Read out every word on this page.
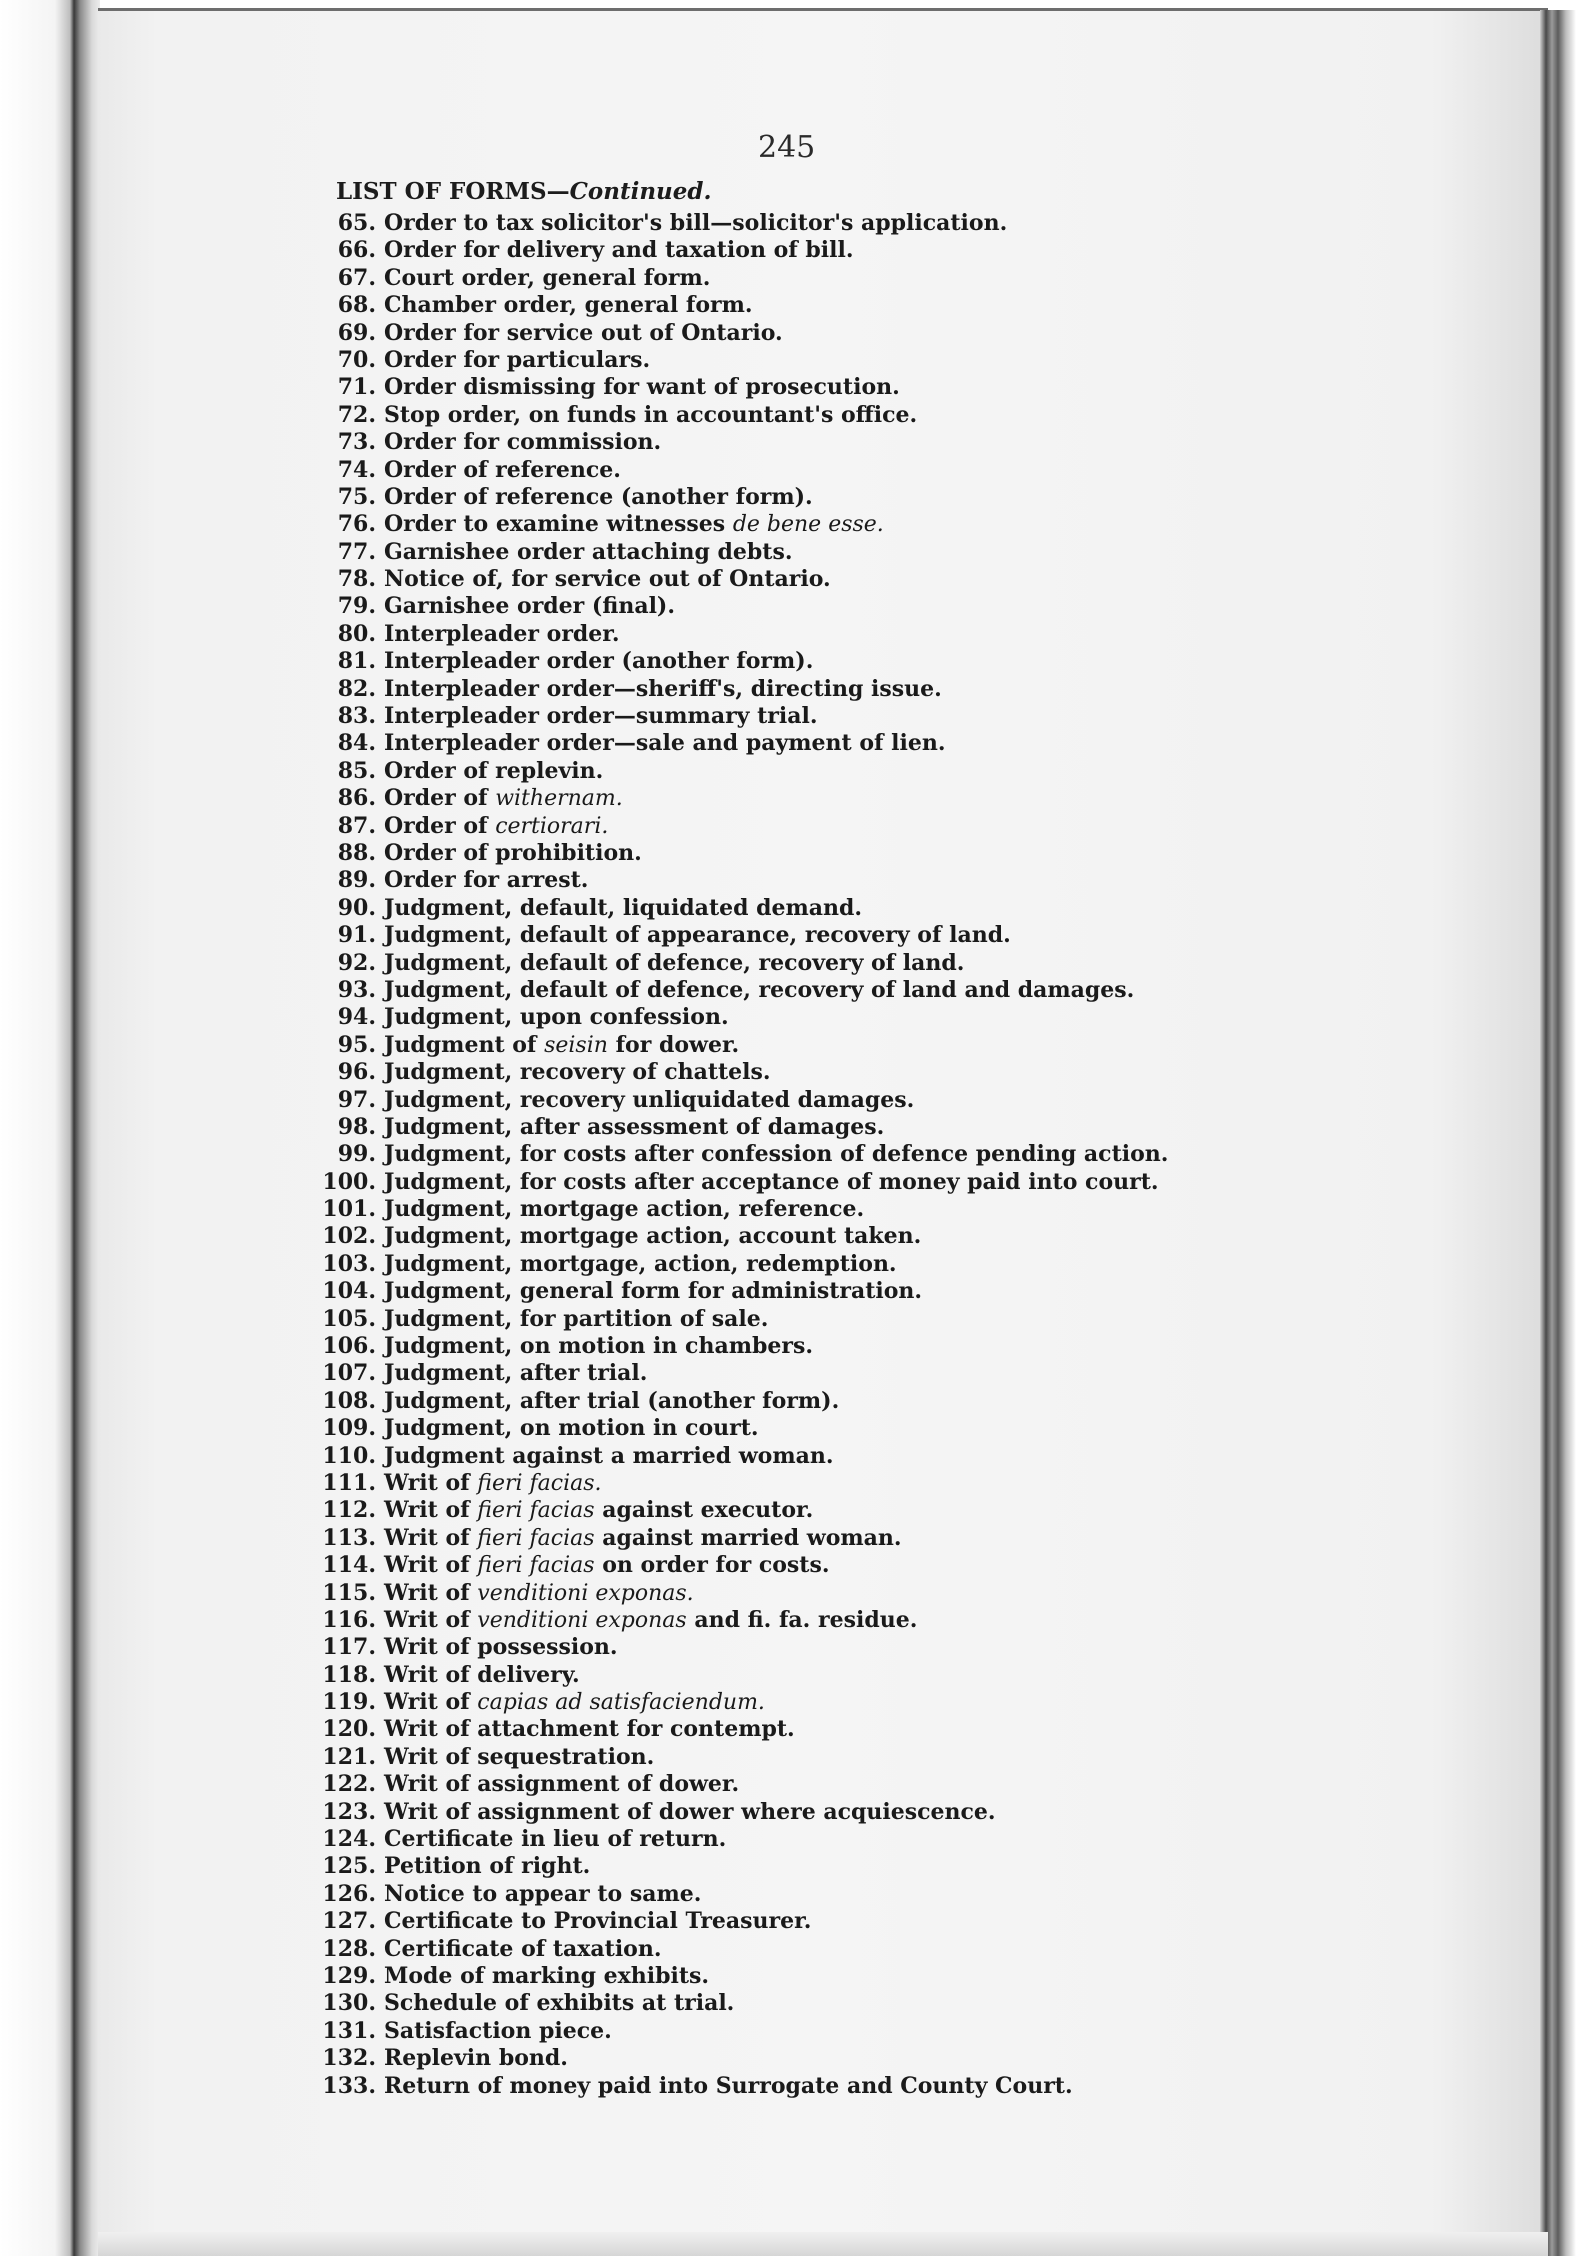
245
LIST OF FORMS—Continued.
65. Order to tax solicitor's bill—solicitor's application.
66. Order for delivery and taxation of bill.
67. Court order, general form.
68. Chamber order, general form.
69. Order for service out of Ontario.
70. Order for particulars.
71. Order dismissing for want of prosecution.
72. Stop order, on funds in accountant's office.
73. Order for commission.
74. Order of reference.
75. Order of reference (another form).
76. Order to examine witnesses de bene esse.
77. Garnishee order attaching debts.
78. Notice of, for service out of Ontario.
79. Garnishee order (final).
80. Interpleader order.
81. Interpleader order (another form).
82. Interpleader order—sheriff's, directing issue.
83. Interpleader order—summary trial.
84. Interpleader order—sale and payment of lien.
85. Order of replevin.
86. Order of withernam.
87. Order of certiorari.
88. Order of prohibition.
89. Order for arrest.
90. Judgment, default, liquidated demand.
91. Judgment, default of appearance, recovery of land.
92. Judgment, default of defence, recovery of land.
93. Judgment, default of defence, recovery of land and damages.
94. Judgment, upon confession.
95. Judgment of seisin for dower.
96. Judgment, recovery of chattels.
97. Judgment, recovery unliquidated damages.
98. Judgment, after assessment of damages.
99. Judgment, for costs after confession of defence pending action.
100. Judgment, for costs after acceptance of money paid into court.
101. Judgment, mortgage action, reference.
102. Judgment, mortgage action, account taken.
103. Judgment, mortgage, action, redemption.
104. Judgment, general form for administration.
105. Judgment, for partition of sale.
106. Judgment, on motion in chambers.
107. Judgment, after trial.
108. Judgment, after trial (another form).
109. Judgment, on motion in court.
110. Judgment against a married woman.
111. Writ of fieri facias.
112. Writ of fieri facias against executor.
113. Writ of fieri facias against married woman.
114. Writ of fieri facias on order for costs.
115. Writ of venditioni exponas.
116. Writ of venditioni exponas and fi. fa. residue.
117. Writ of possession.
118. Writ of delivery.
119. Writ of capias ad satisfaciendum.
120. Writ of attachment for contempt.
121. Writ of sequestration.
122. Writ of assignment of dower.
123. Writ of assignment of dower where acquiescence.
124. Certificate in lieu of return.
125. Petition of right.
126. Notice to appear to same.
127. Certificate to Provincial Treasurer.
128. Certificate of taxation.
129. Mode of marking exhibits.
130. Schedule of exhibits at trial.
131. Satisfaction piece.
132. Replevin bond.
133. Return of money paid into Surrogate and County Court.
